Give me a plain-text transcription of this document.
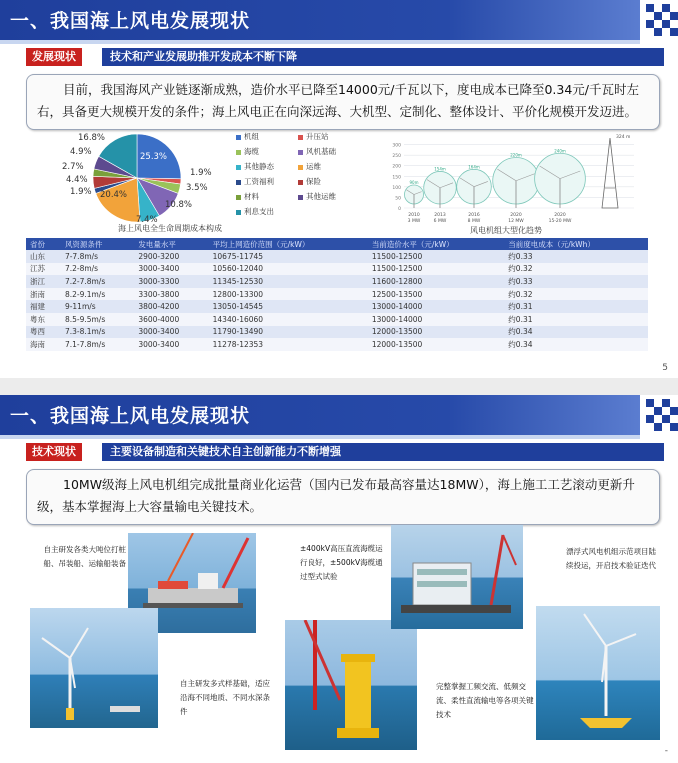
一、我国海上风电发展现状
发展现状	技术和产业发展助推开发成本不断下降
目前，我国海风产业链逐渐成熟，造价水平已降至14000元/千瓦以下，度电成本已降至0.34元/千瓦时左右，具备更大规模开发的条件；海上风电正在向深远海、大机型、定制化、整体设计、平价化规模开发迈进。
16.8%
4.9%
2.7%
4.4%
1.9% 20.4%
25.3%
1.9%
3.5%
10.8%
7.4%
海上风电全生命周期成本构成
机组	升压站
海缆	风机基础
其他静态	运维
工资福利	保险
材料	其他运维
利息支出	0
50
100
150
200
250
300
90m
2010
3 MW
154m
2013
6 MW
164m
2016
8 MW
220m
2020
12 MW
240m
2020
15-20 MW
324 m
风电机组大型化趋势
省份	风资源条件	发电量水平	平均上网造价范围（元/kW）	当前造价水平（元/kW）	当前度电成本（元/kWh）
山东	7-7.8m/s	2900-3200	10675-11745	11500-12500	约0.33
江苏	7.2-8m/s	3000-3400	10560-12040	11500-12500	约0.32
浙江	7.2-7.8m/s	3000-3300	11345-12530	11600-12800	约0.33
浙南	8.2-9.1m/s	3300-3800	12800-13300	12500-13500	约0.32
福建	9-11m/s	3800-4200	13050-14545	13000-14000	约0.31
粤东	8.5-9.5m/s	3600-4000	14340-16060	13000-14000	约0.31
粤西	7.3-8.1m/s	3000-3400	11790-13490	12000-13500	约0.34
海南	7.1-7.8m/s	3000-3400	11278-12353	12000-13500	约0.34
5
一、我国海上风电发展现状
技术现状	主要设备制造和关键技术自主创新能力不断增强
10MW级海上风电机组完成批量商业化运营（国内已发布最高容量达18MW），海上施工工艺滚动更新升级，基本掌握海上大容量输电关键技术。
自主研发各类大吨位打桩船、吊装船、运输船装备
±400kV高压直流海缆运行良好，±500kV海缆通过型式试验
漂浮式风电机组示范项目陆续投运，开启技术验证迭代
自主研发多式样基础，适应沿海不同地质、不同水深条件
完整掌握工频交流、低频交流、柔性直流输电等各项关键技术
-
